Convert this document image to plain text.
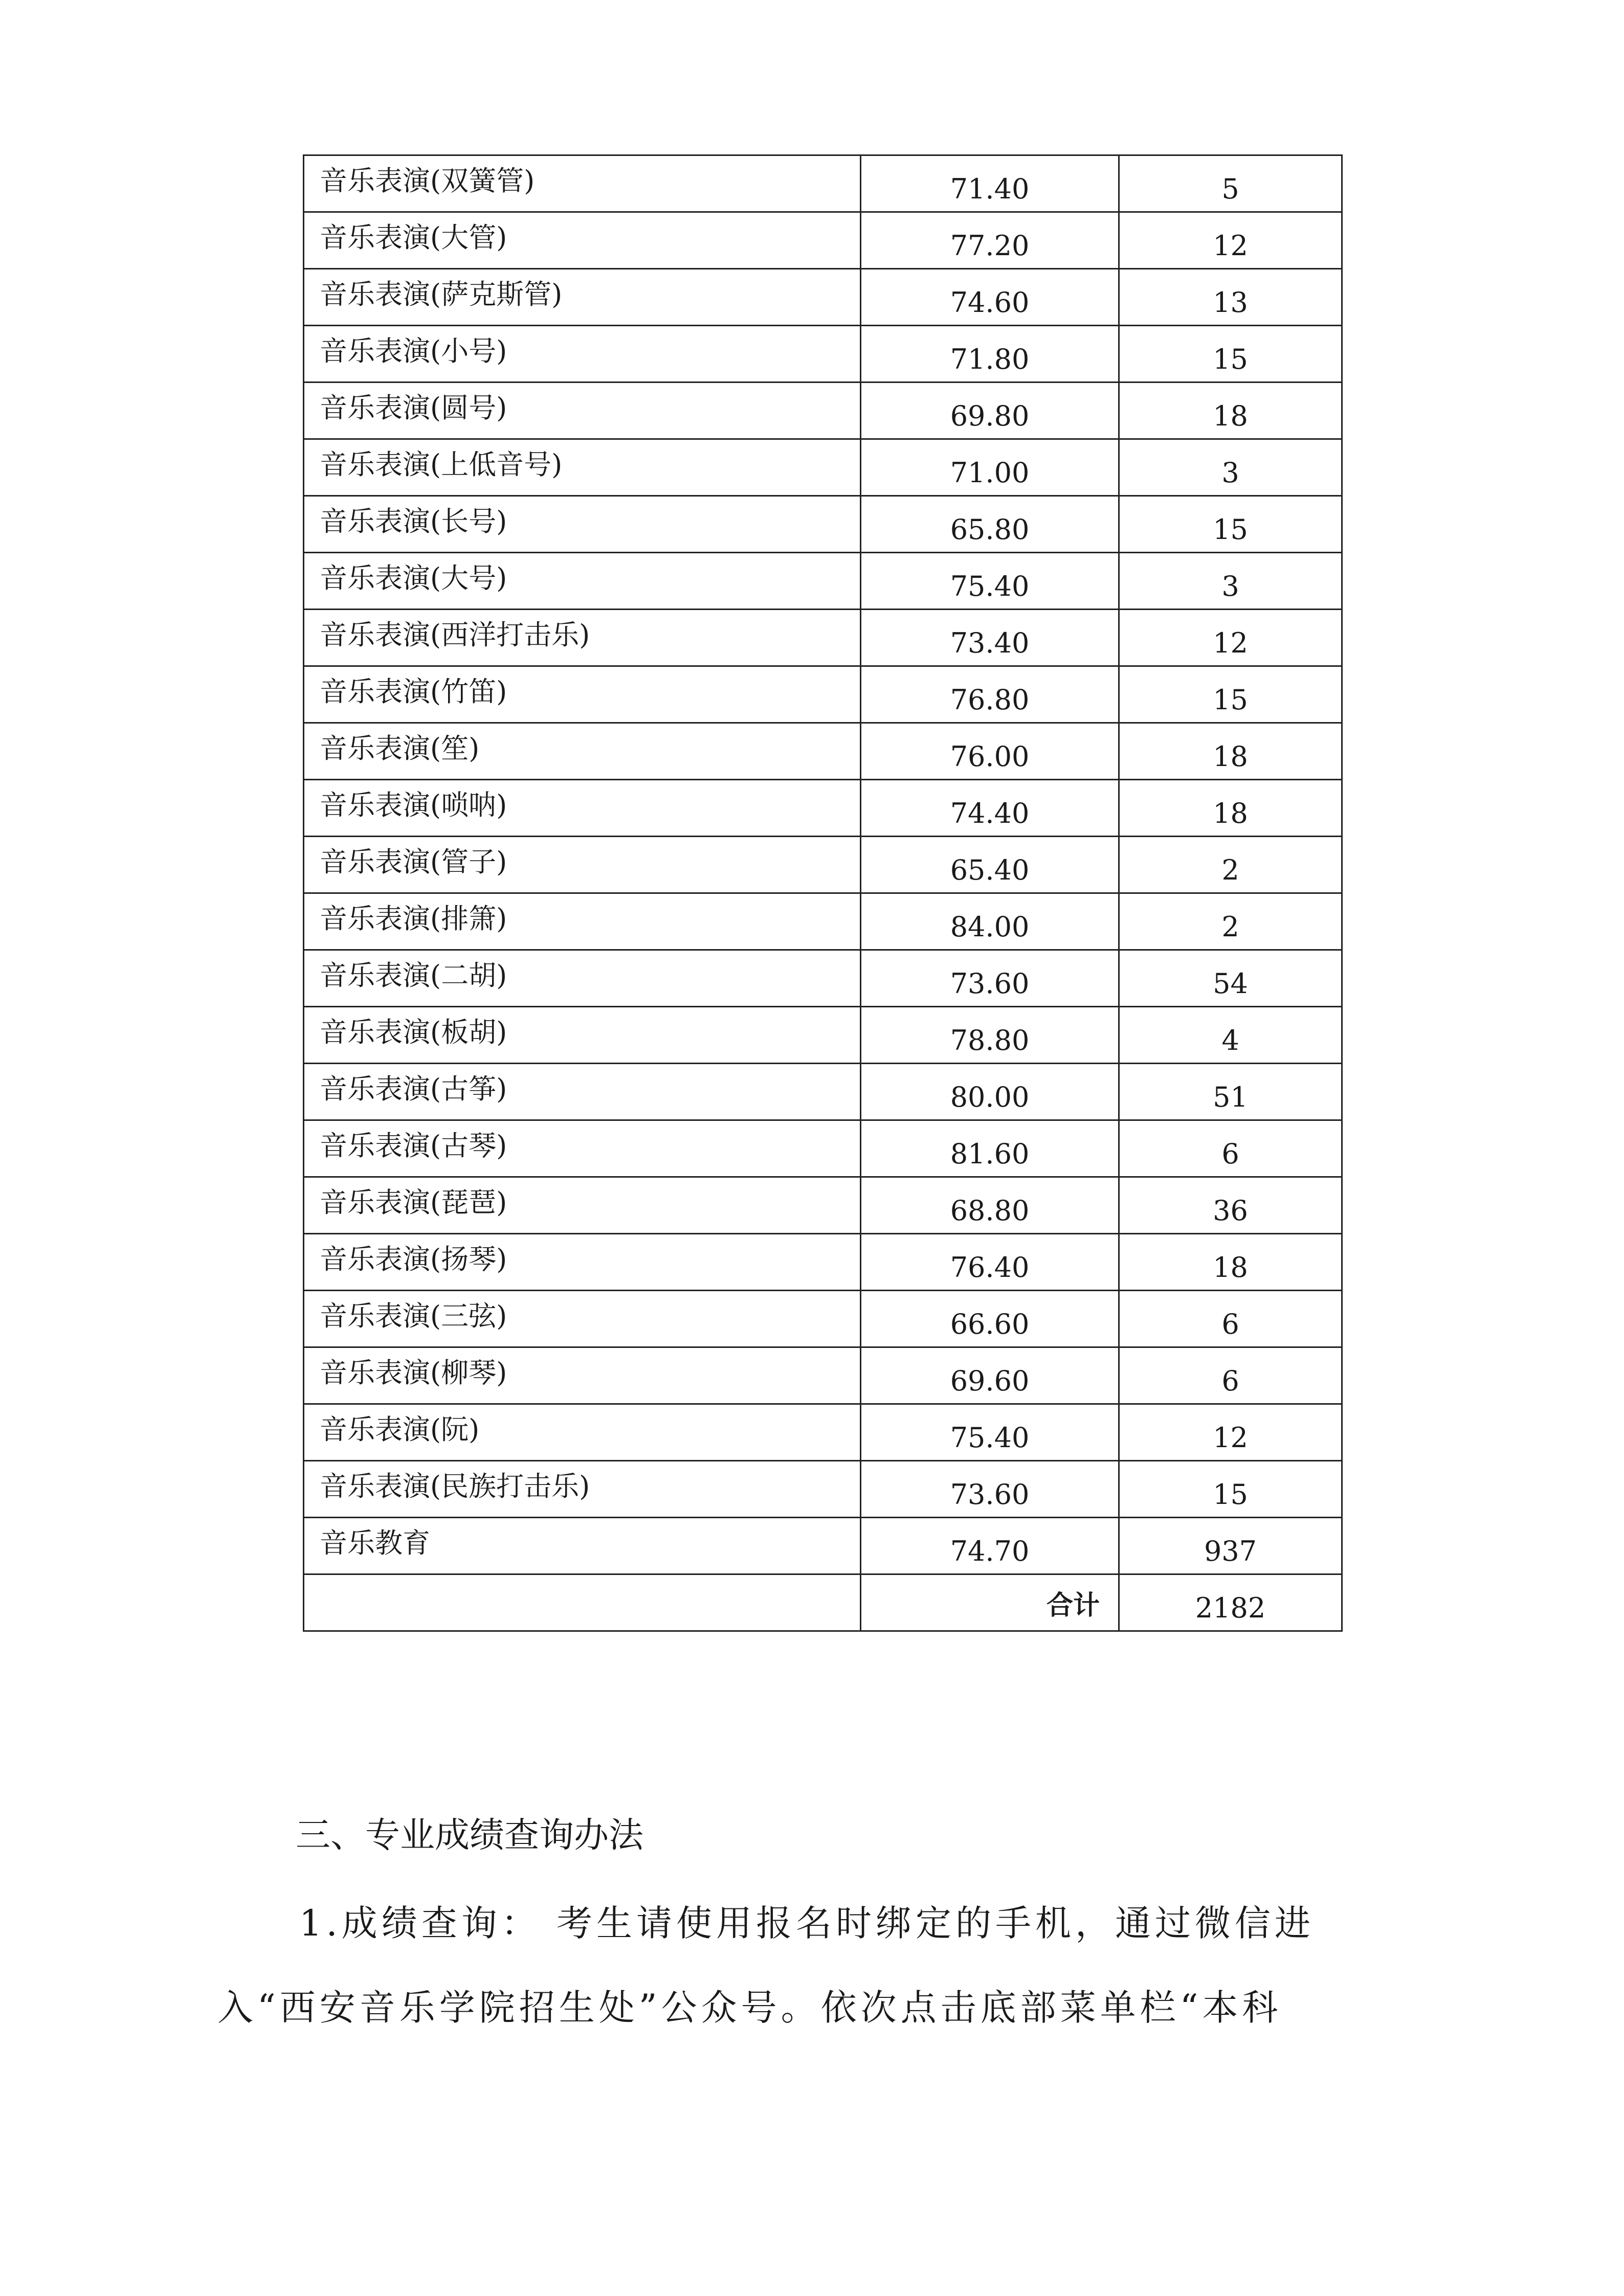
音乐表演(双簧管)	71.40	5
音乐表演(大管)	77.20	12
音乐表演(萨克斯管)	74.60	13
音乐表演(小号)	71.80	15
音乐表演(圆号)	69.80	18
音乐表演(上低音号)	71.00	3
音乐表演(长号)	65.80	15
音乐表演(大号)	75.40	3
音乐表演(西洋打击乐)	73.40	12
音乐表演(竹笛)	76.80	15
音乐表演(笙)	76.00	18
音乐表演(唢呐)	74.40	18
音乐表演(管子)	65.40	2
音乐表演(排箫)	84.00	2
音乐表演(二胡)	73.60	54
音乐表演(板胡)	78.80	4
音乐表演(古筝)	80.00	51
音乐表演(古琴)	81.60	6
音乐表演(琵琶)	68.80	36
音乐表演(扬琴)	76.40	18
音乐表演(三弦)	66.60	6
音乐表演(柳琴)	69.60	6
音乐表演(阮)	75.40	12
音乐表演(民族打击乐)	73.60	15
音乐教育	74.70	937
	合计	2182
三、专业成绩查询办法
1.成绩查询： 考生请使用报名时绑定的手机，通过微信进
入“西安音乐学院招生处”公众号。依次点击底部菜单栏“本科
